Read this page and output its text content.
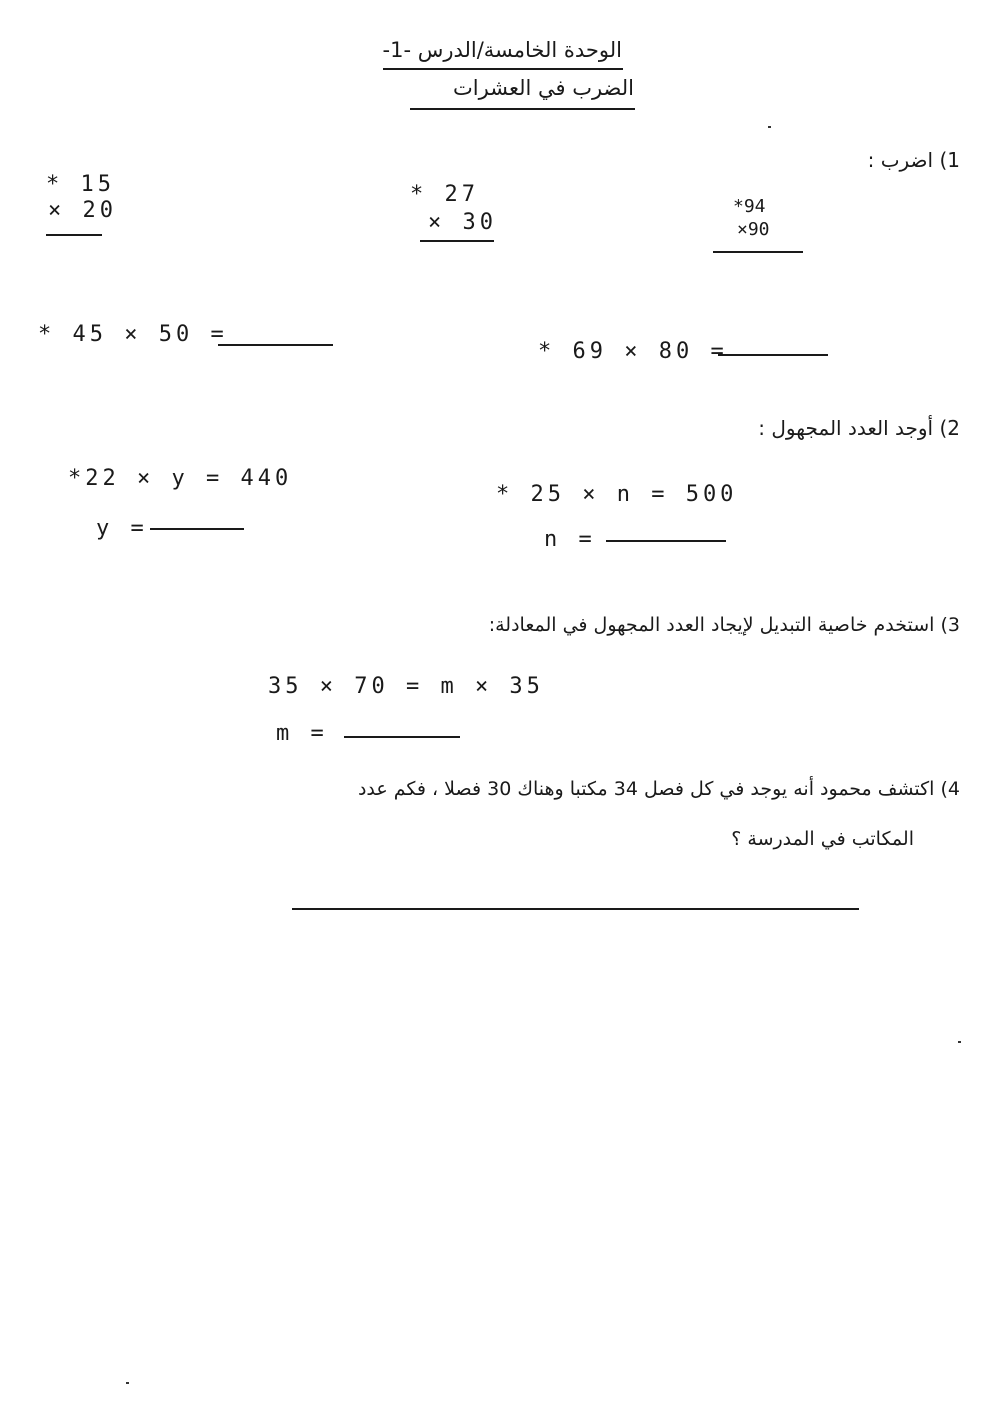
الوحدة الخامسة/الدرس -1-
الضرب في العشرات
1) اضرب :
* 15
× 20
* 27
× 30
*94
×90
* 45 × 50 =
* 69 × 80 =
2) أوجد العدد المجهول :
*22 × y = 440
y =
* 25 × n = 500
n =
3) استخدم خاصية التبديل لإيجاد العدد المجهول في المعادلة:
35 × 70 = m × 35
m =
4) اكتشف محمود أنه يوجد في كل فصل 34 مكتبا وهناك 30 فصلا ، فكم عدد
المكاتب في المدرسة ؟
